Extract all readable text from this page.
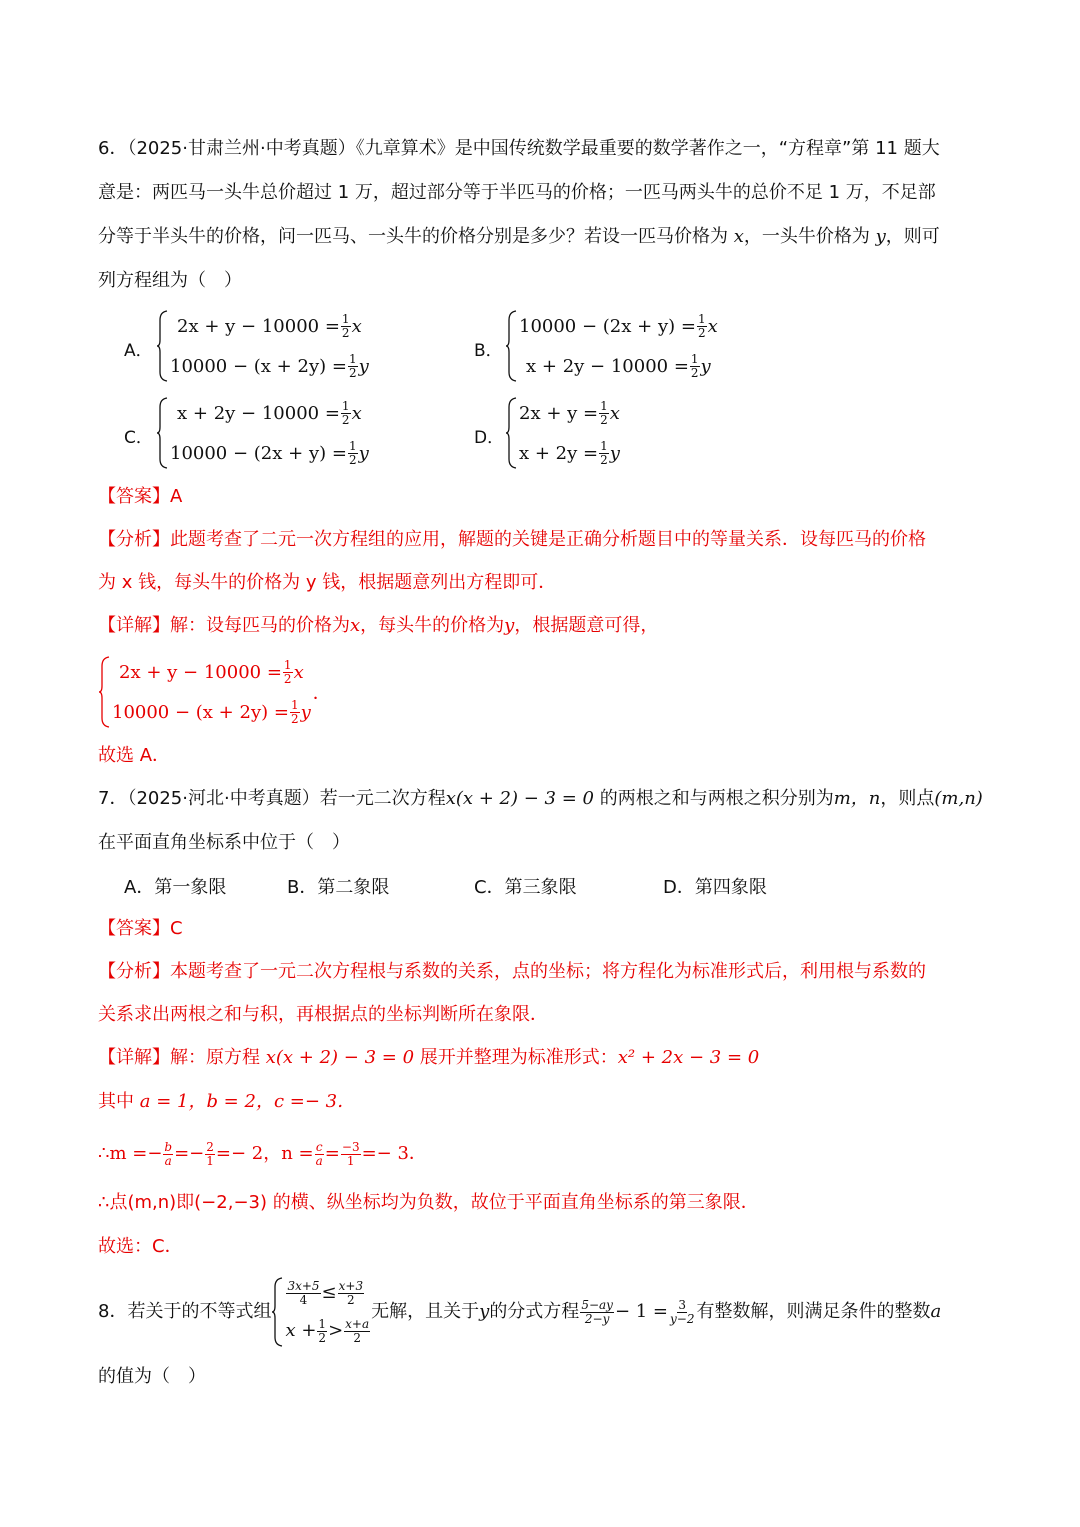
6．（2025·甘肃兰州·中考真题）《九章算术》是中国传统数学最重要的数学著作之一，“方程章”第 11 题大
意是：两匹马一头牛总价超过 1 万，超过部分等于半匹马的价格；一匹马两头牛的总价不足 1 万，不足部
分等于半头牛的价格，问一匹马、一头牛的价格分别是多少？若设一匹马价格为 x，一头牛价格为 y，则可
列方程组为（　）
A．
$2x + y - 10000 = \frac{1}{2}$ x
$10000 - (x + 2y) = \frac{1}{2}$ y
B．
$10000 - (2x + y) = \frac{1}{2}$ x
$x + 2y - 10000 = \frac{1}{2}$ y
C．
$x + 2y - 10000 = \frac{1}{2}$ x
$10000 - (2x + y) = \frac{1}{2}$ y
D．
$2x + y = \frac{1}{2}$ x
$x + 2y = \frac{1}{2}$ y
【答案】A
【分析】此题考查了二元一次方程组的应用，解题的关键是正确分析题目中的等量关系．设每匹马的价格
为 x 钱，每头牛的价格为 y 钱，根据题意列出方程即可．
【详解】解：设每匹马的价格为x，每头牛的价格为y，根据题意可得，
$2x + y - 10000 = \frac{1}{2}$ x
$10000 - (x + 2y) = \frac{1}{2}$ y
．
故选 A．
7．（2025·河北·中考真题）若一元二次方程x(x + 2) − 3 = 0 的两根之和与两根之积分别为m，n，则点(m,n)
在平面直角坐标系中位于（　）
A．第一象限	B．第二象限	C．第三象限	D．第四象限
【答案】C
【分析】本题考查了一元二次方程根与系数的关系，点的坐标；将方程化为标准形式后，利用根与系数的
关系求出两根之和与积，再根据点的坐标判断所在象限．
【详解】解：原方程 x(x + 2) − 3 = 0 展开并整理为标准形式：x² + 2x − 3 = 0
其中 a = 1，b = 2，c =− 3．
∴m =− $\frac{b}{a} =- \frac{2}{1} =- 2$，$n = \frac{c}{a} = \frac{-3}{1} =- 3$．
∴点(m,n)即(−2,−3) 的横、纵坐标均为负数，故位于平面直角坐标系的第三象限．
故选：C．
8．若关于的不等式组
$\frac{3x+5}{4} \le \frac{x+3}{2}$
$x + \frac{1}{2} > \frac{x+a}{2}$
无解，且关于 y 的分式方程 $\frac{5-ay}{2-y} - 1 = \frac{3}{y-2}$ 有整数解，则满足条件的整数 a
的值为（　）
